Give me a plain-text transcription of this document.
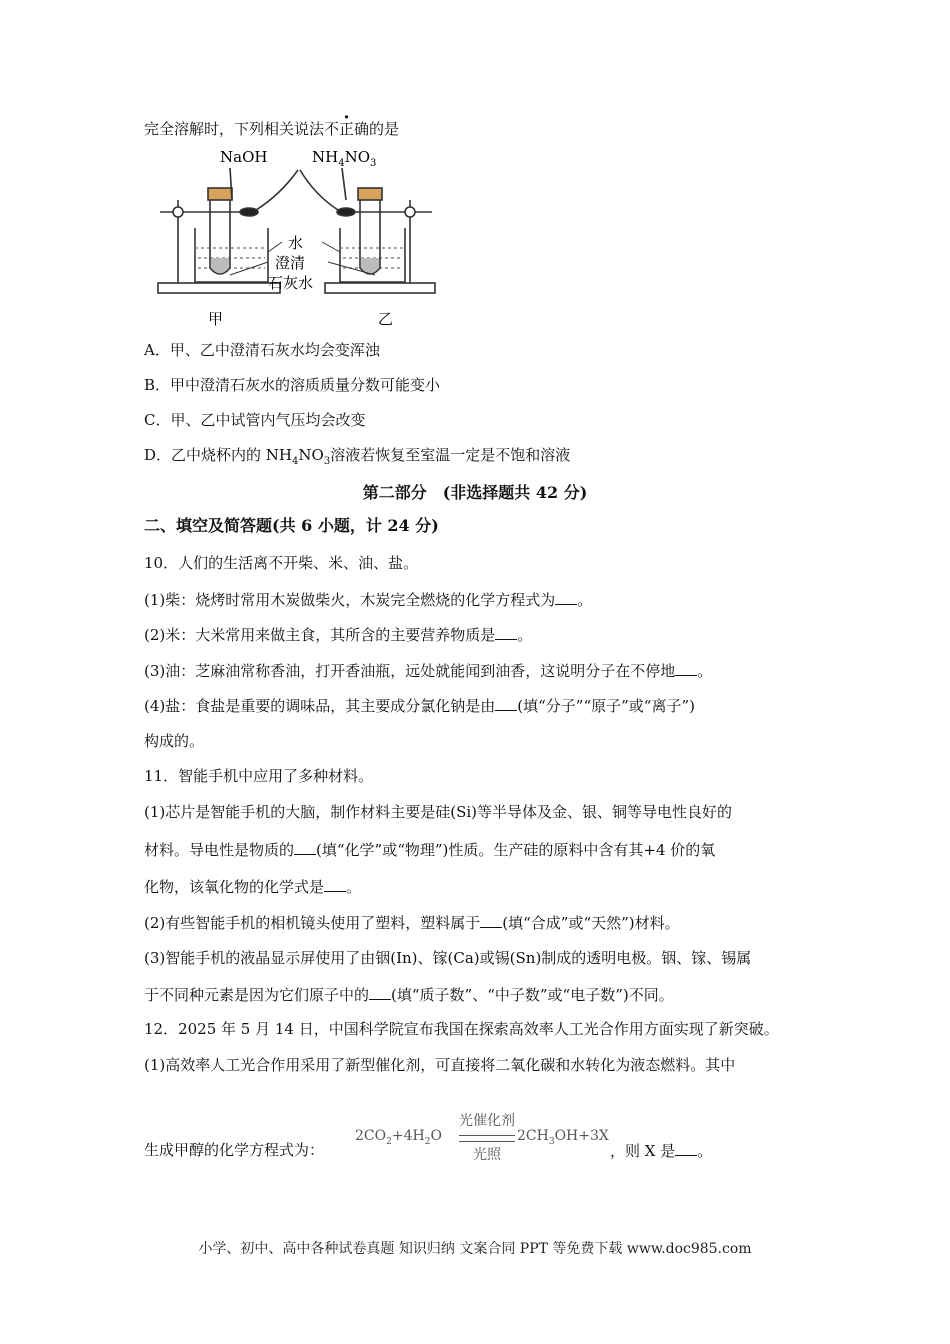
完全溶解时，下列相关说法不正确的是
NaOH	$NH_4NO_3$
水
澄清
石灰水
甲	乙
A．甲、乙中澄清石灰水均会变浑浊
B．甲中澄清石灰水的溶质质量分数可能变小
C．甲、乙中试管内气压均会改变
D．乙中烧杯内的 $NH_4NO_3$溶液若恢复至室温一定是不饱和溶液
第二部分　(非选择题共 42 分)
二、填空及简答题(共 6 小题，计 24 分)
10．人们的生活离不开柴、米、油、盐。
(1)柴：烧烤时常用木炭做柴火，木炭完全燃烧的化学方程式为 。
(2)米：大米常用来做主食，其所含的主要营养物质是 。
(3)油：芝麻油常称香油，打开香油瓶，远处就能闻到油香，这说明分子在不停地 。
(4)盐：食盐是重要的调味品，其主要成分氯化钠是由 (填“分子”“原子”或“离子”)
构成的。
11．智能手机中应用了多种材料。
(1)芯片是智能手机的大脑，制作材料主要是硅(Si)等半导体及金、银、铜等导电性良好的
材料。导电性是物质的 (填“化学”或“物理”)性质。生产硅的原料中含有其+4 价的氧
化物，该氧化物的化学式是 。
(2)有些智能手机的相机镜头使用了塑料，塑料属于 (填“合成”或“天然”)材料。
(3)智能手机的液晶显示屏使用了由铟(In)、镓(Ca)或锡(Sn)制成的透明电极。铟、镓、锡属
于不同种元素是因为它们原子中的 (填“质子数”、“中子数”或“电子数”)不同。
12．2025 年 5 月 14 日，中国科学院宣布我国在探索高效率人工光合作用方面实现了新突破。
(1)高效率人工光合作用采用了新型催化剂，可直接将二氧化碳和水转化为液态燃料。其中
生成甲醇的化学方程式为：
$2CO_2+4H_2O$
光催化剂
光照
$2CH_3OH+3X$
，则 X 是 。
小学、初中、高中各种试卷真题 知识归纳 文案合同 PPT 等免费下载 www.doc985.com
